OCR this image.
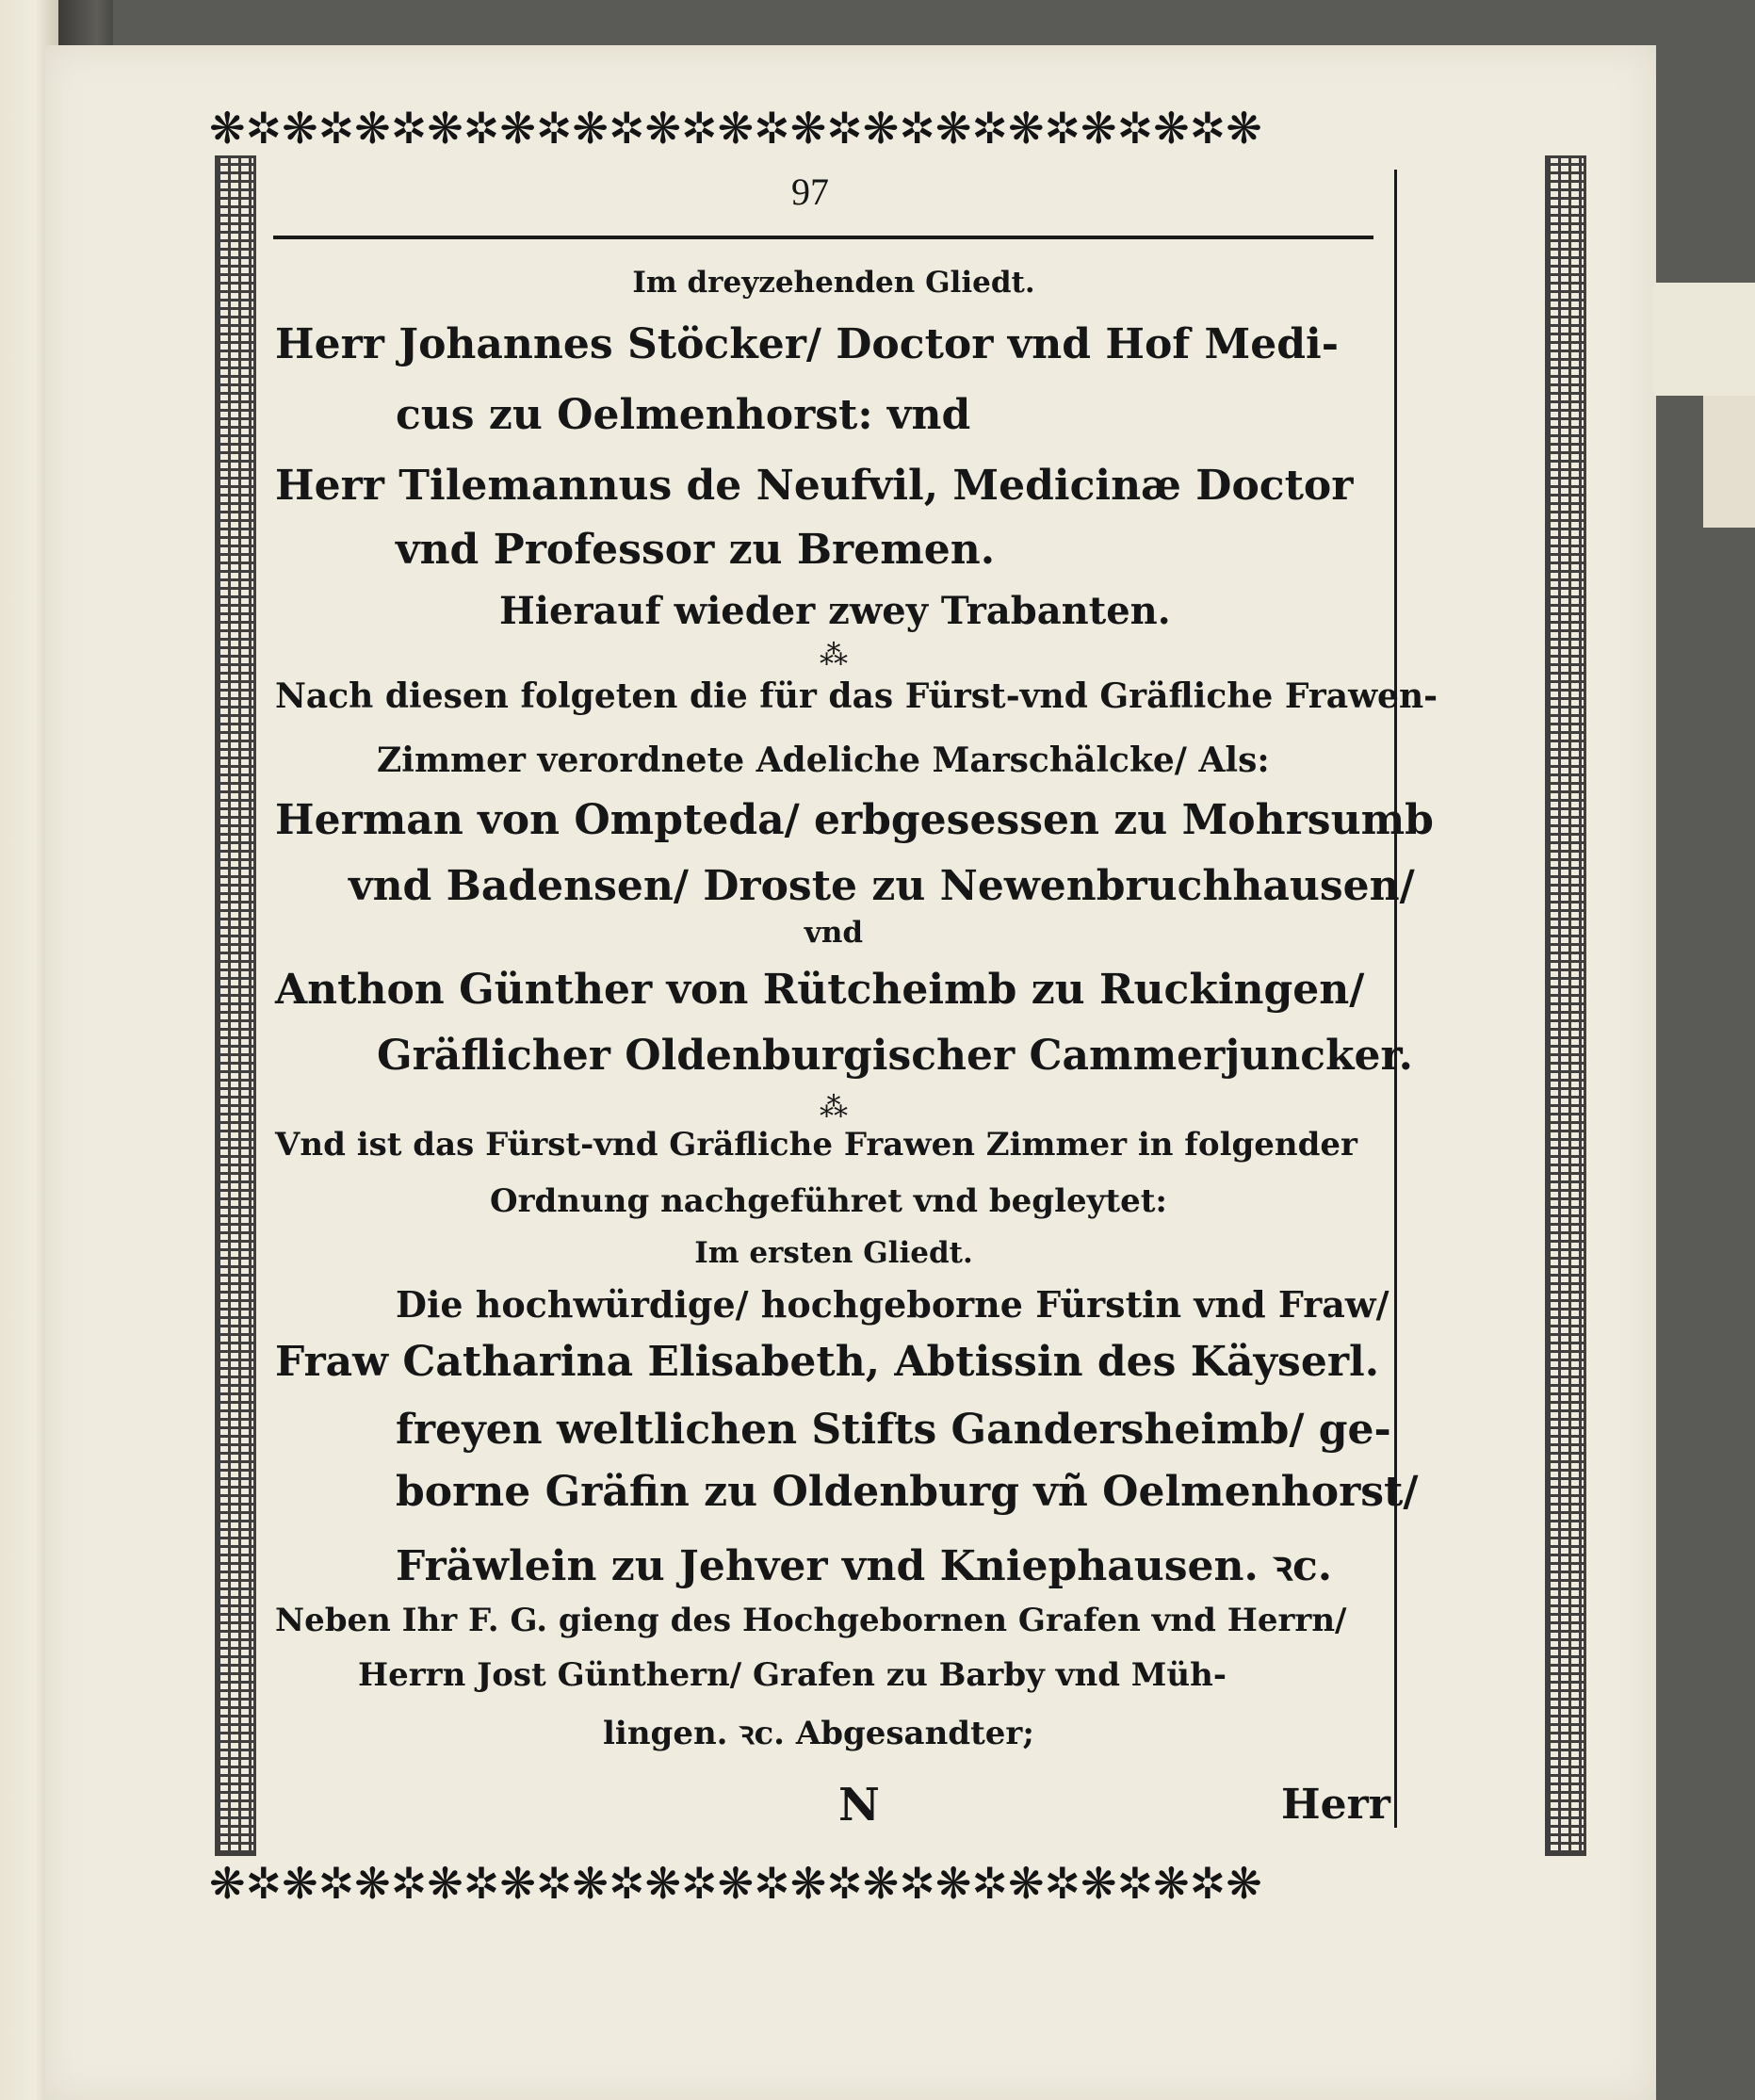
❋✲❋✲❋✲❋✲❋✲❋✲❋✲❋✲❋✲❋✲❋✲❋✲❋✲❋✲❋
❋✲❋✲❋✲❋✲❋✲❋✲❋✲❋✲❋✲❋✲❋✲❋✲❋✲❋✲❋
97
Im dreyzehenden Gliedt.
Herr Johannes Stöcker/ Doctor vnd Hof Medi-
cus zu Oelmenhorst: vnd
Herr Tilemannus de Neufvil, Medicinæ Doctor
vnd Professor zu Bremen.
Hierauf wieder zwey Trabanten.
⁂
Nach diesen folgeten die für das Fürst-vnd Gräfliche Frawen-
Zimmer verordnete Adeliche Marschälcke/ Als:
Herman von Ompteda/ erbgesessen zu Mohrsumb
vnd Badensen/ Droste zu Newenbruchhausen/
vnd
Anthon Günther von Rütcheimb zu Ruckingen/
Gräflicher Oldenburgischer Cammerjuncker.
⁂
Vnd ist das Fürst-vnd Gräfliche Frawen Zimmer in folgender
Ordnung nachgeführet vnd begleytet:
Im ersten Gliedt.
Die hochwürdige/ hochgeborne Fürstin vnd Fraw/
Fraw Catharina Elisabeth, Abtissin des Käyserl.
freyen weltlichen Stifts Gandersheimb/ ge-
borne Gräfin zu Oldenburg vñ Oelmenhorst/
Fräwlein zu Jehver vnd Kniephausen. ꝛc.
Neben Ihr F. G. gieng des Hochgebornen Grafen vnd Herrn/
Herrn Jost Günthern/ Grafen zu Barby vnd Müh-
lingen. ꝛc. Abgesandter;
N	Herr
